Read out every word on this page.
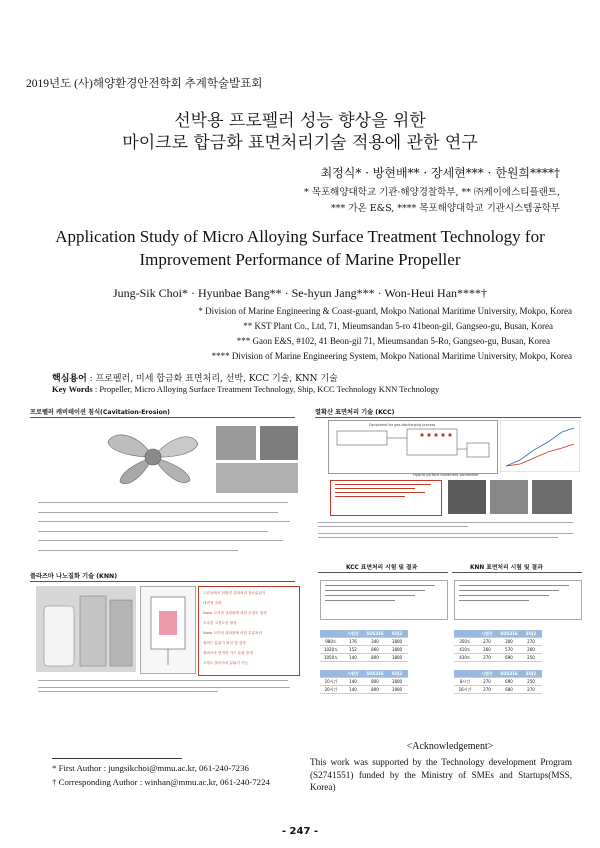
2019년도 (사)해양환경안전학회 추계학술발표회
선박용 프로펠러 성능 향상을 위한
마이크로 합금화 표면처리기술 적용에 관한 연구
최정식* · 방현배** · 장세현*** · 한원희****†
* 목포해양대학교 기관·해양경찰학부, ** ㈜케이에스티플랜트,
*** 가온 E&S, **** 목포해양대학교 기관시스템공학부
Application Study of Micro Alloying Surface Treatment Technology for
Improvement Performance of Marine Propeller
Jung-Sik Choi* · Hyunbae Bang** · Se-hyun Jang*** · Won-Heui Han****†
* Division of Marine Engineering & Coast-guard, Mokpo National Maritime University, Mokpo, Korea
** KST Plant Co., Ltd, 71, Mieumsandan 5-ro 41beon-gil, Gangseo-gu, Busan, Korea
*** Gaon E&S, #102, 41 Beon-gil 71, Mieumsandan 5-Ro, Gangseo-gu, Busan, Korea
**** Division of Marine Engineering System, Mokpo National Maritime University, Mokpo, Korea
핵심용어 : 프로펠러, 미세 합금화 표면처리, 선박, KCC 기술, KNN 기술
Key Words : Propeller, Micro Alloying Surface Treatment Technology, Ship, KCC Technology KNN Technology
프로펠러 캐비테이션 침식(Cavitation-Erosion)	열확산 표면처리 기술 (KCC)
Equipment for gas-discharging process
Hybrid surface treatment parameter
플라즈마 나노질화 기술 (KNN)
고진공에서 친환경 질화처리 청소분위기
대전형 질화
Nano 크기의 질화물에 의한 초경도 형성
우수한 고경도층 형성
Nano 크기의 질화물에 의한 부분처리
원하는 분위기 확인 및 설정
플라즈마 면적당 가스 효율 증대
고밀도 플라즈마 분위기 가능
KCC 표면처리 시험 및 결과
	시험강	SUS316	SUJ2
980도	176	340	1800
1020도	152	860	1800
1050도	140	800	1800
	시험강	SUS316	SUJ2
10시간	140	800	1800
20시간	140	800	1900
KNN 표면처리 시험 및 결과
	시험강	SUS316	SUJ2
350도	270	300	270
410도	260	570	260
430도	270	690	250
	시험강	SUS316	SUJ2
8시간	270	690	250
16시간	270	680	270
<Acknowledgement>
This work was supported by the Technology development Program (S2741551) funded by the Ministry of SMEs and Startups(MSS, Korea)
* First Author : jungsikchoi@mmu.ac.kr, 061-240-7236
† Corresponding Author : winhan@mmu.ac.kr, 061-240-7224
- 247 -
